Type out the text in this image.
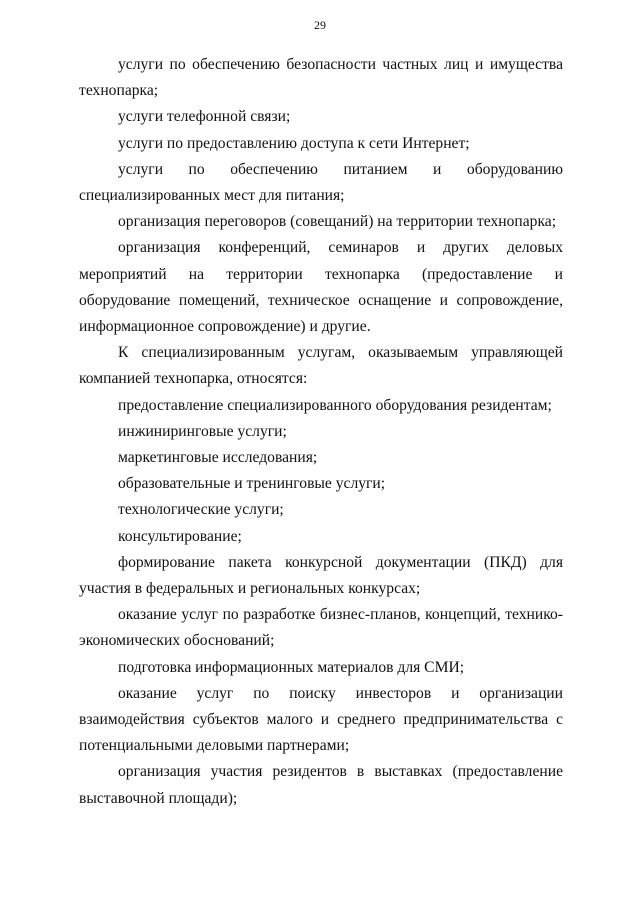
29

услуги по обеспечению безопасности частных лиц и имущества технопарка;

услуги телефонной связи;

услуги по предоставлению доступа к сети Интернет;

услуги по обеспечению питанием и оборудованию специализированных мест для питания;

организация переговоров (совещаний) на территории технопарка;

организация конференций, семинаров и других деловых мероприятий на территории технопарка (предоставление и оборудование помещений, техническое оснащение и сопровождение, информационное сопровождение) и другие.

К специализированным услугам, оказываемым управляющей компанией технопарка, относятся:

предоставление специализированного оборудования резидентам;

инжиниринговые услуги;

маркетинговые исследования;

образовательные и тренинговые услуги;

технологические услуги;

консультирование;

формирование пакета конкурсной документации (ПКД) для участия в федеральных и региональных конкурсах;

оказание услуг по разработке бизнес-планов, концепций, технико-экономических обоснований;

подготовка информационных материалов для СМИ;

оказание услуг по поиску инвесторов и организации взаимодействия субъектов малого и среднего предпринимательства с потенциальными деловыми партнерами;

организация участия резидентов в выставках (предоставление выставочной площади);
